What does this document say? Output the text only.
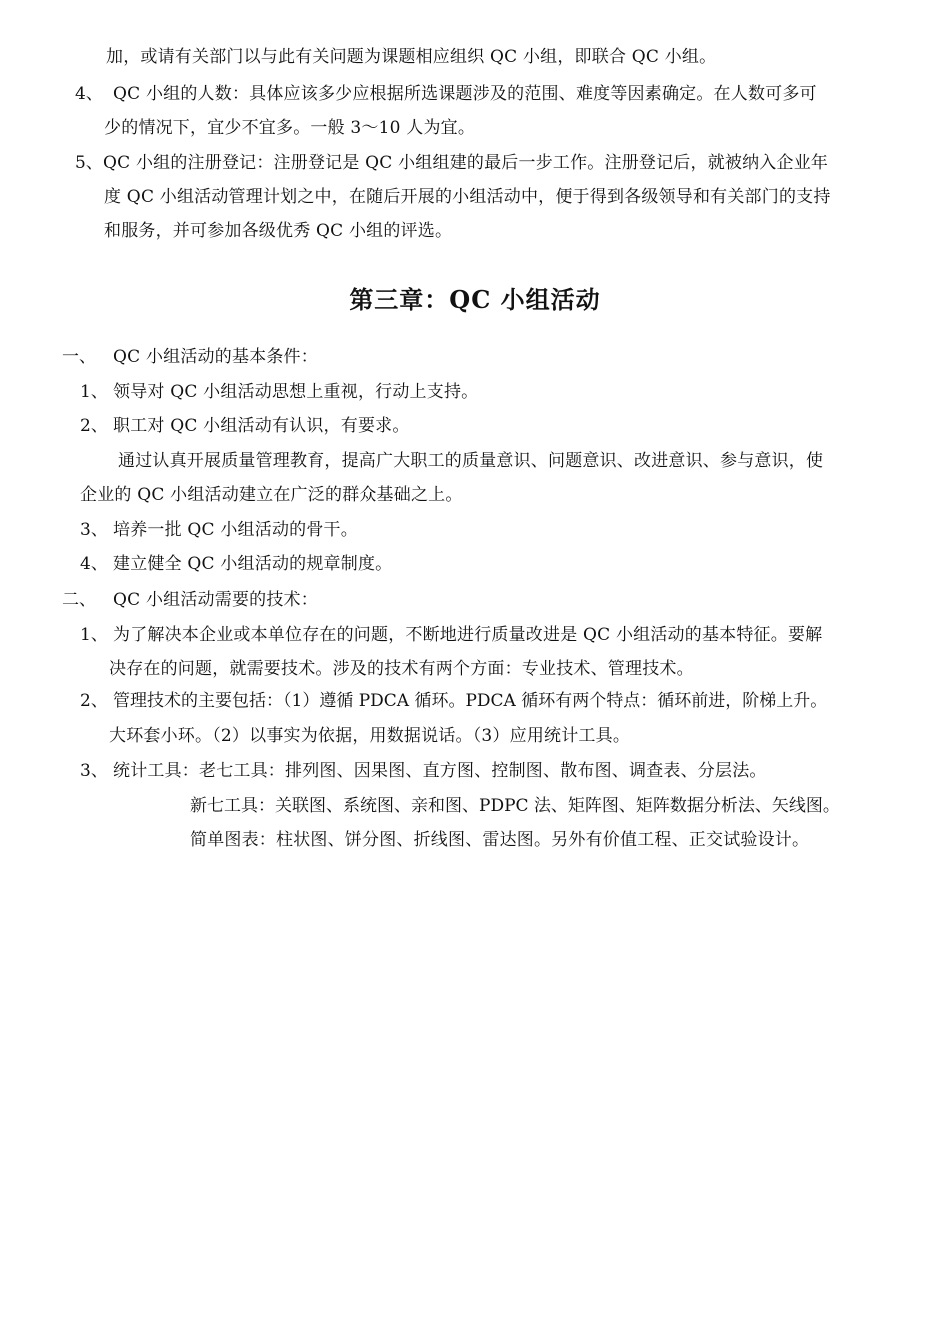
加，或请有关部门以与此有关问题为课题相应组织 QC 小组，即联合 QC 小组。
4、 QC 小组的人数：具体应该多少应根据所选课题涉及的范围、难度等因素确定。在人数可多可
少的情况下，宜少不宜多。一般 3～10 人为宜。
5、 QC 小组的注册登记：注册登记是 QC 小组组建的最后一步工作。注册登记后，就被纳入企业年
度 QC 小组活动管理计划之中，在随后开展的小组活动中，便于得到各级领导和有关部门的支持
和服务，并可参加各级优秀 QC 小组的评选。
第三章：QC 小组活动
一、 QC 小组活动的基本条件：
1、 领导对 QC 小组活动思想上重视，行动上支持。
2、 职工对 QC 小组活动有认识，有要求。
通过认真开展质量管理教育，提高广大职工的质量意识、问题意识、改进意识、参与意识，使
企业的 QC 小组活动建立在广泛的群众基础之上。
3、 培养一批 QC 小组活动的骨干。
4、 建立健全 QC 小组活动的规章制度。
二、 QC 小组活动需要的技术：
1、 为了解决本企业或本单位存在的问题，不断地进行质量改进是 QC 小组活动的基本特征。要解
决存在的问题，就需要技术。涉及的技术有两个方面：专业技术、管理技术。
2、 管理技术的主要包括：（1）遵循 PDCA 循环。PDCA 循环有两个特点：循环前进，阶梯上升。
大环套小环。（2）以事实为依据，用数据说话。（3）应用统计工具。
3、 统计工具：老七工具：排列图、因果图、直方图、控制图、散布图、调查表、分层法。
新七工具：关联图、系统图、亲和图、PDPC 法、矩阵图、矩阵数据分析法、矢线图。
简单图表：柱状图、饼分图、折线图、雷达图。另外有价值工程、正交试验设计。
